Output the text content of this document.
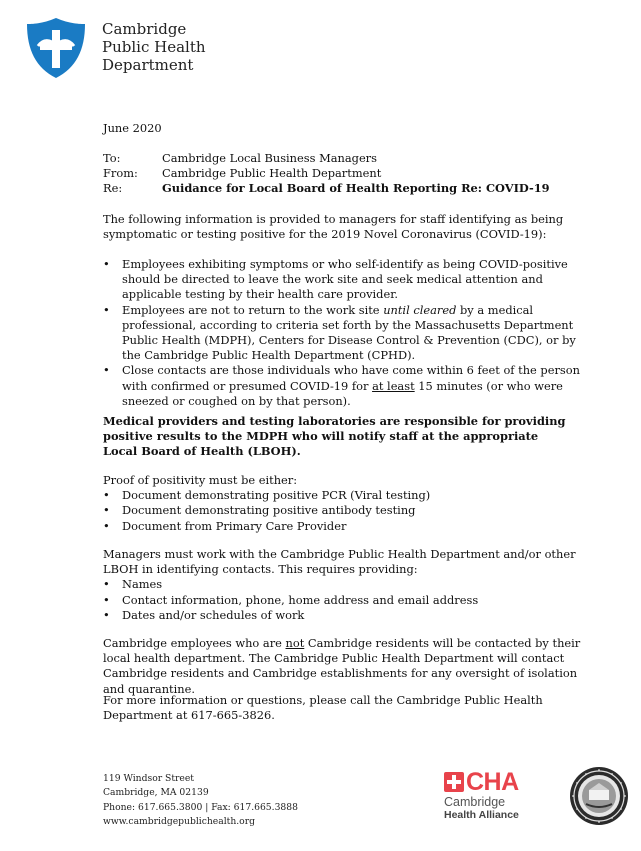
Cambridge
Public Health
Department
June 2020
To:	Cambridge Local Business Managers
From:	Cambridge Public Health Department
Re:	Guidance for Local Board of Health Reporting Re: COVID-19
The following information is provided to managers for staff identifying as being symptomatic or testing positive for the 2019 Novel Coronavirus (COVID-19):
• Employees exhibiting symptoms or who self-identify as being COVID-positive should be directed to leave the work site and seek medical attention and applicable testing by their health care provider.
• Employees are not to return to the work site until cleared by a medical professional, according to criteria set forth by the Massachusetts Department Public Health (MDPH), Centers for Disease Control & Prevention (CDC), or by the Cambridge Public Health Department (CPHD).
• Close contacts are those individuals who have come within 6 feet of the person with confirmed or presumed COVID-19 for at least 15 minutes (or who were sneezed or coughed on by that person).
Medical providers and testing laboratories are responsible for providing positive results to the MDPH who will notify staff at the appropriate Local Board of Health (LBOH).
Proof of positivity must be either:
• Document demonstrating positive PCR (Viral testing)
• Document demonstrating positive antibody testing
• Document from Primary Care Provider
Managers must work with the Cambridge Public Health Department and/or other LBOH in identifying contacts. This requires providing:
• Names
• Contact information, phone, home address and email address
• Dates and/or schedules of work
Cambridge employees who are not Cambridge residents will be contacted by their local health department. The Cambridge Public Health Department will contact Cambridge residents and Cambridge establishments for any oversight of isolation and quarantine.
For more information or questions, please call the Cambridge Public Health Department at 617-665-3826.
119 Windsor Street
Cambridge, MA 02139
Phone: 617.665.3800 | Fax: 617.665.3888
www.cambridgepublichealth.org
CHA
Cambridge
Health Alliance
